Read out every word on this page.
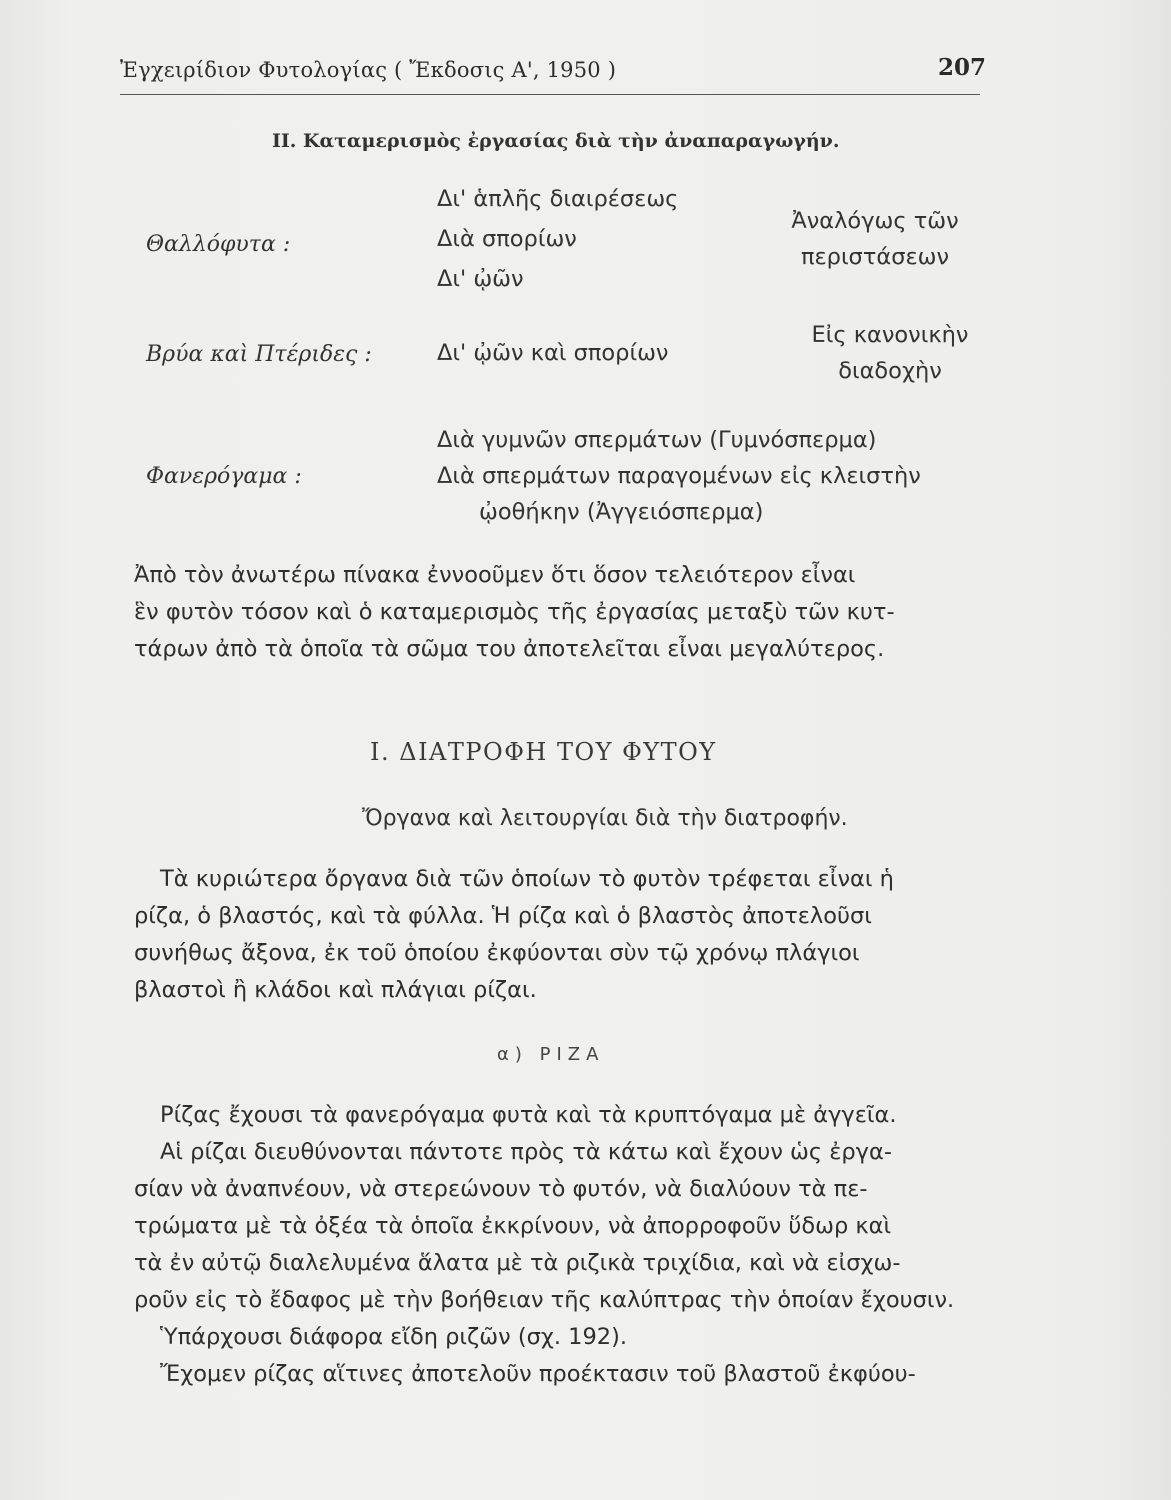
Ἐγχειρίδιον Φυτολογίας ( Ἔκδοσις Α', 1950 )	207
ΙΙ. Καταμερισμὸς ἐργασίας διὰ τὴν ἀναπαραγωγήν.
Θαλλόφυτα :
Δι' ἁπλῆς διαιρέσεως
Διὰ σπορίων
Δι' ᾠῶν
Ἀναλόγως τῶν
περιστάσεων
Βρύα καὶ Πτέριδες :	Δι' ᾠῶν καὶ σπορίων
Εἰς κανονικὴν
διαδοχὴν
Φανερόγαμα :
Διὰ γυμνῶν σπερμάτων (Γυμνόσπερμα)
Διὰ σπερμάτων παραγομένων εἰς κλειστὴν
ᾠοθήκην (Ἀγγειόσπερμα)
Ἀπὸ τὸν ἀνωτέρω πίνακα ἐννοοῦμεν ὅτι ὅσον τελειότερον εἶναι
ἓν φυτὸν τόσον καὶ ὁ καταμερισμὸς τῆς ἐργασίας μεταξὺ τῶν κυτ-
τάρων ἀπὸ τὰ ὁποῖα τὰ σῶμα του ἀποτελεῖται εἶναι μεγαλύτερος.
Ι. ΔΙΑΤΡΟΦΗ ΤΟΥ ΦΥΤΟΥ
Ὄργανα καὶ λειτουργίαι διὰ τὴν διατροφήν.
Τὰ κυριώτερα ὄργανα διὰ τῶν ὁποίων τὸ φυτὸν τρέφεται εἶναι ἡ
ρίζα, ὁ βλαστός, καὶ τὰ φύλλα. Ἡ ρίζα καὶ ὁ βλαστὸς ἀποτελοῦσι
συνήθως ἄξονα, ἐκ τοῦ ὁποίου ἐκφύονται σὺν τῷ χρόνῳ πλάγιοι
βλαστοὶ ἢ κλάδοι καὶ πλάγιαι ρίζαι.
α) ΡΙΖΑ
Ρίζας ἔχουσι τὰ φανερόγαμα φυτὰ καὶ τὰ κρυπτόγαμα μὲ ἀγγεῖα.
Αἱ ρίζαι διευθύνονται πάντοτε πρὸς τὰ κάτω καὶ ἔχουν ὡς ἐργα-
σίαν νὰ ἀναπνέουν, νὰ στερεώνουν τὸ φυτόν, νὰ διαλύουν τὰ πε-
τρώματα μὲ τὰ ὀξέα τὰ ὁποῖα ἐκκρίνουν, νὰ ἀπορροφοῦν ὕδωρ καὶ
τὰ ἐν αὐτῷ διαλελυμένα ἅλατα μὲ τὰ ριζικὰ τριχίδια, καὶ νὰ εἰσχω-
ροῦν εἰς τὸ ἔδαφος μὲ τὴν βοήθειαν τῆς καλύπτρας τὴν ὁποίαν ἔχουσιν.
Ὑπάρχουσι διάφορα εἴδη ριζῶν (σχ. 192).
Ἔχομεν ρίζας αἵτινες ἀποτελοῦν προέκτασιν τοῦ βλαστοῦ ἐκφύου-
